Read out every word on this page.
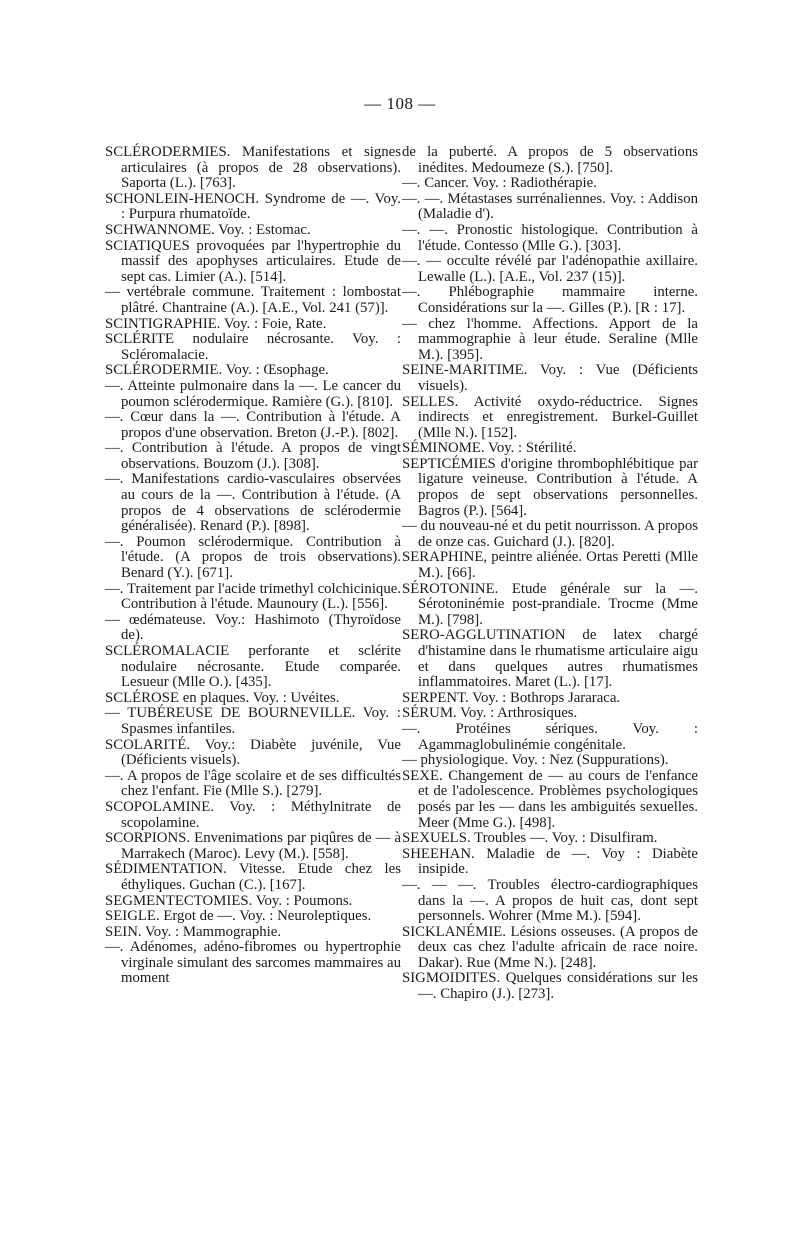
— 108 —

SCLÉRODERMIES. Manifestations et signes articulaires (à propos de 28 observations). Saporta (L.). [763].

SCHONLEIN-HENOCH. Syndrome de —. Voy. : Purpura rhumatoïde.

SCHWANNOME. Voy. : Estomac.

SCIATIQUES provoquées par l'hypertrophie du massif des apophyses articulaires. Etude de sept cas. Limier (A.). [514].

— vertébrale commune. Traitement : lombostat plâtré. Chantraine (A.). [A.E., Vol. 241 (57)].

SCINTIGRAPHIE. Voy. : Foie, Rate.

SCLÉRITE nodulaire nécrosante. Voy. : Scléromalacie.

SCLÉRODERMIE. Voy. : Œsophage.

—. Atteinte pulmonaire dans la —. Le cancer du poumon sclérodermique. Ramière (G.). [810].

—. Cœur dans la —. Contribution à l'étude. A propos d'une observation. Breton (J.-P.). [802].

—. Contribution à l'étude. A propos de vingt observations. Bouzom (J.). [308].

—. Manifestations cardio-vasculaires observées au cours de la —. Contribution à l'étude. (A propos de 4 observations de sclérodermie généralisée). Renard (P.). [898].

—. Poumon sclérodermique. Contribution à l'étude. (A propos de trois observations). Benard (Y.). [671].

—. Traitement par l'acide trimethyl colchicinique. Contribution à l'étude. Maunoury (L.). [556].

— œdémateuse. Voy.: Hashimoto (Thyroïdose de).

SCLÉROMALACIE perforante et sclérite nodulaire nécrosante. Etude comparée. Lesueur (Mlle O.). [435].

SCLÉROSE en plaques. Voy. : Uvéites.

— TUBÉREUSE DE BOURNEVILLE. Voy. : Spasmes infantiles.

SCOLARITÉ. Voy.: Diabète juvénile, Vue (Déficients visuels).

—. A propos de l'âge scolaire et de ses difficultés chez l'enfant. Fie (Mlle S.). [279].

SCOPOLAMINE. Voy. : Méthylnitrate de scopolamine.

SCORPIONS. Envenimations par piqûres de — à Marrakech (Maroc). Levy (M.). [558].

SÉDIMENTATION. Vitesse. Etude chez les éthyliques. Guchan (C.). [167].

SEGMENTECTOMIES. Voy. : Poumons.

SEIGLE. Ergot de —. Voy. : Neuroleptiques.

SEIN. Voy. : Mammographie.

—. Adénomes, adéno-fibromes ou hypertrophie virginale simulant des sarcomes mammaires au moment

de la puberté. A propos de 5 observations inédites. Medoumeze (S.). [750].

—. Cancer. Voy. : Radiothérapie.

—. —. Métastases surrénaliennes. Voy. : Addison (Maladie d').

—. —. Pronostic histologique. Contribution à l'étude. Contesso (Mlle G.). [303].

—. — occulte révélé par l'adénopathie axillaire. Lewalle (L.). [A.E., Vol. 237 (15)].

—. Phlébographie mammaire interne. Considérations sur la —. Gilles (P.). [R : 17].

— chez l'homme. Affections. Apport de la mammographie à leur étude. Seraline (Mlle M.). [395].

SEINE-MARITIME. Voy. : Vue (Déficients visuels).

SELLES. Activité oxydo-réductrice. Signes indirects et enregistrement. Burkel-Guillet (Mlle N.). [152].

SÉMINOME. Voy. : Stérilité.

SEPTICÉMIES d'origine thrombophlébitique par ligature veineuse. Contribution à l'étude. A propos de sept observations personnelles. Bagros (P.). [564].

— du nouveau-né et du petit nourrisson. A propos de onze cas. Guichard (J.). [820].

SERAPHINE, peintre aliénée. Ortas Peretti (Mlle M.). [66].

SÉROTONINE. Etude générale sur la —. Sérotoninémie post-prandiale. Trocme (Mme M.). [798].

SERO-AGGLUTINATION de latex chargé d'histamine dans le rhumatisme articulaire aigu et dans quelques autres rhumatismes inflammatoires. Maret (L.). [17].

SERPENT. Voy. : Bothrops Jararaca.

SÉRUM. Voy. : Arthrosiques.

—. Protéines sériques. Voy. : Agammaglobulinémie congénitale.

— physiologique. Voy. : Nez (Suppurations).

SEXE. Changement de — au cours de l'enfance et de l'adolescence. Problèmes psychologiques posés par les — dans les ambiguités sexuelles. Meer (Mme G.). [498].

SEXUELS. Troubles —. Voy. : Disulfiram.

SHEEHAN. Maladie de —. Voy : Diabète insipide.

—. — —. Troubles électro-cardiographiques dans la —. A propos de huit cas, dont sept personnels. Wohrer (Mme M.). [594].

SICKLANÉMIE. Lésions osseuses. (A propos de deux cas chez l'adulte africain de race noire. Dakar). Rue (Mme N.). [248].

SIGMOIDITES. Quelques considérations sur les —. Chapiro (J.). [273].
